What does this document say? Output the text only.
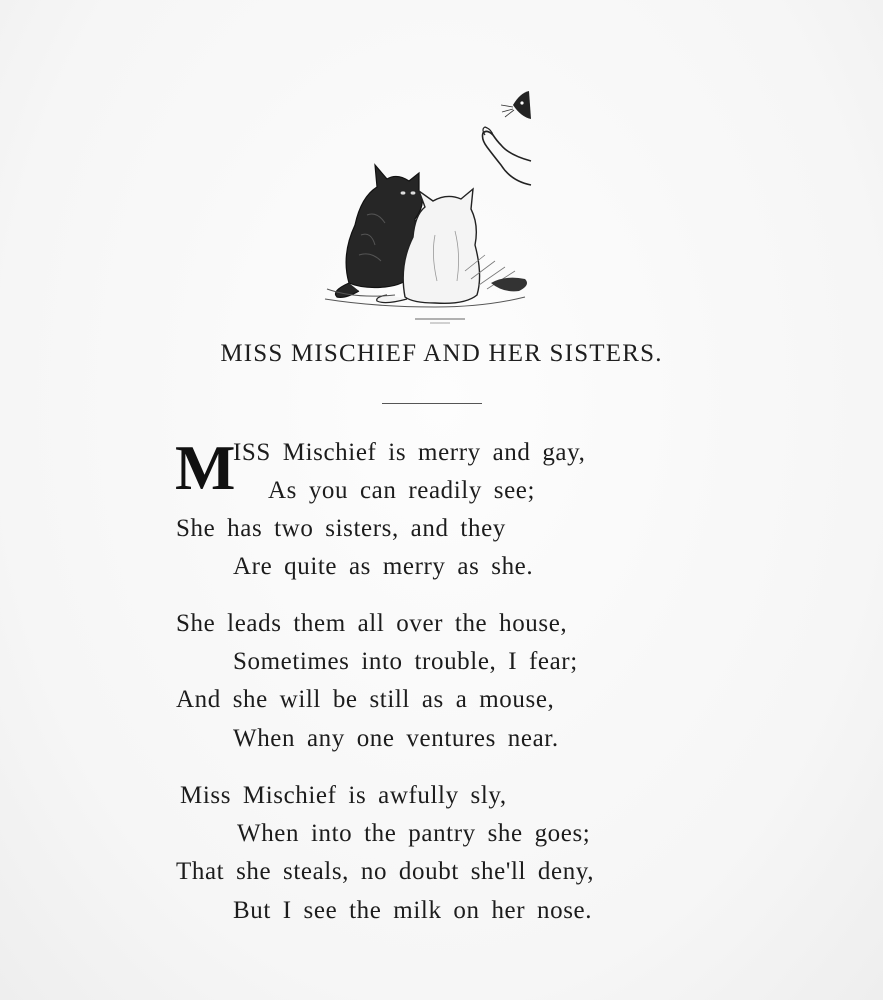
MISS MISCHIEF AND HER SISTERS.
M
ISS Mischief is merry and gay,
As you can readily see;
She has two sisters, and they
Are quite as merry as she.
She leads them all over the house,
Sometimes into trouble, I fear;
And she will be still as a mouse,
When any one ventures near.
Miss Mischief is awfully sly,
When into the pantry she goes;
That she steals, no doubt she'll deny,
But I see the milk on her nose.
